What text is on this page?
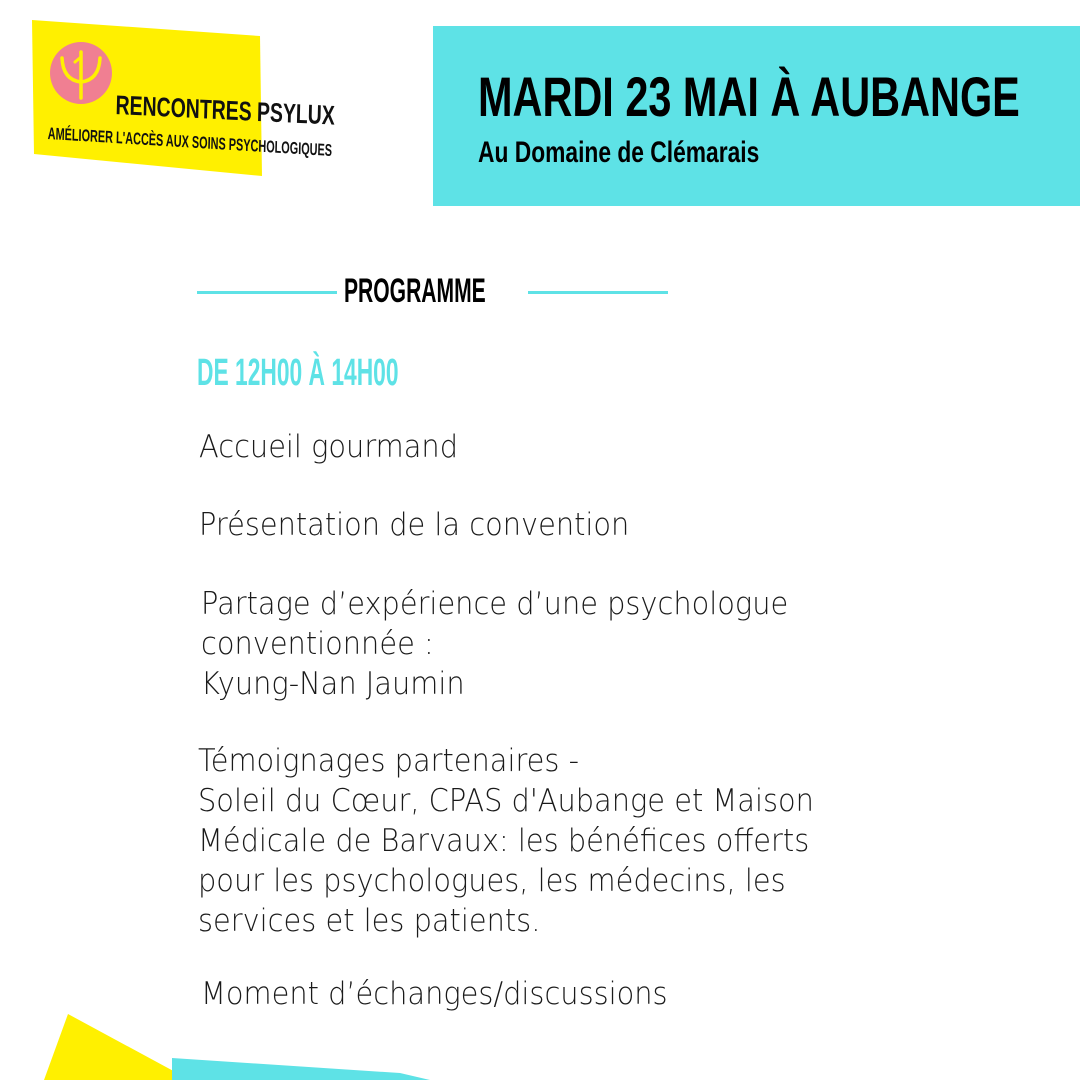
RENCONTRES PSYLUX
AMÉLIORER L'ACCÈS AUX SOINS PSYCHOLOGIQUES
MARDI 23 MAI À AUBANGE
Au Domaine de Clémarais
PROGRAMME
DE 12H00 À 14H00
Accueil gourmand
Présentation de la convention
Partage d’expérience d’une psychologue
conventionnée :
Kyung-Nan Jaumin
Témoignages partenaires -
Soleil du Cœur, CPAS d'Aubange et Maison
Médicale de Barvaux: les bénéfices offerts
pour les psychologues, les médecins, les
services et les patients.
Moment d’échanges/discussions
